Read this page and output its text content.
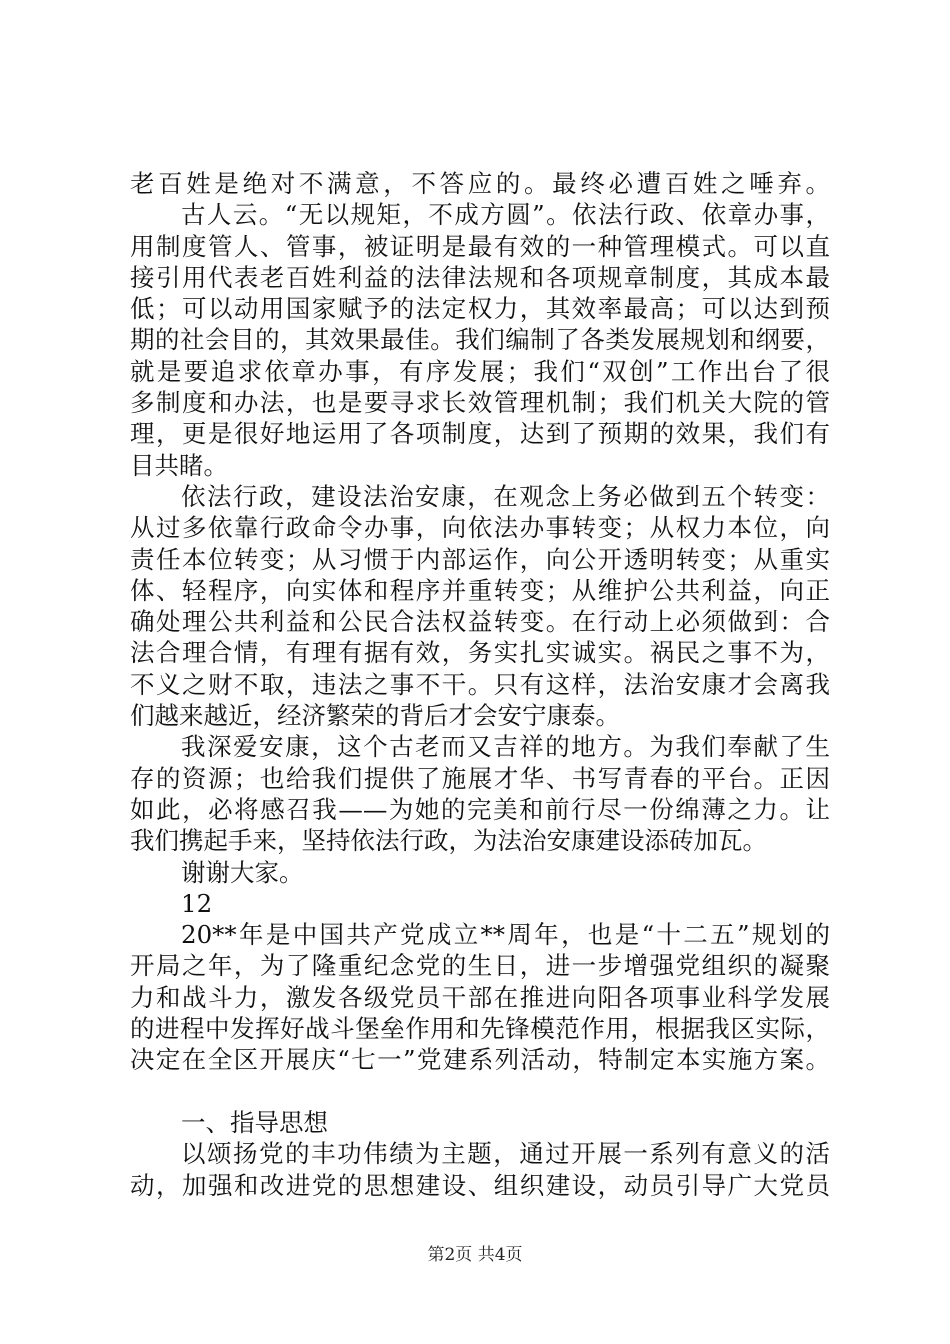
老百姓是绝对不满意，不答应的。最终必遭百姓之唾弃。
古人云。“无以规矩，不成方圆”。依法行政、依章办事，
用制度管人、管事，被证明是最有效的一种管理模式。可以直
接引用代表老百姓利益的法律法规和各项规章制度，其成本最
低；可以动用国家赋予的法定权力，其效率最高；可以达到预
期的社会目的，其效果最佳。我们编制了各类发展规划和纲要，
就是要追求依章办事，有序发展；我们“双创”工作出台了很
多制度和办法，也是要寻求长效管理机制；我们机关大院的管
理，更是很好地运用了各项制度，达到了预期的效果，我们有
目共睹。
依法行政，建设法治安康，在观念上务必做到五个转变：
从过多依靠行政命令办事，向依法办事转变；从权力本位，向
责任本位转变；从习惯于内部运作，向公开透明转变；从重实
体、轻程序，向实体和程序并重转变；从维护公共利益，向正
确处理公共利益和公民合法权益转变。在行动上必须做到：合
法合理合情，有理有据有效，务实扎实诚实。祸民之事不为，
不义之财不取，违法之事不干。只有这样，法治安康才会离我
们越来越近，经济繁荣的背后才会安宁康泰。
我深爱安康，这个古老而又吉祥的地方。为我们奉献了生
存的资源；也给我们提供了施展才华、书写青春的平台。正因
如此，必将感召我——为她的完美和前行尽一份绵薄之力。让
我们携起手来，坚持依法行政，为法治安康建设添砖加瓦。
谢谢大家。
12
20**年是中国共产党成立**周年，也是“十二五”规划的
开局之年，为了隆重纪念党的生日，进一步增强党组织的凝聚
力和战斗力，激发各级党员干部在推进向阳各项事业科学发展
的进程中发挥好战斗堡垒作用和先锋模范作用，根据我区实际，
决定在全区开展庆“七一”党建系列活动，特制定本实施方案。
一、指导思想
以颂扬党的丰功伟绩为主题，通过开展一系列有意义的活
动，加强和改进党的思想建设、组织建设，动员引导广大党员
第2页 共4页
